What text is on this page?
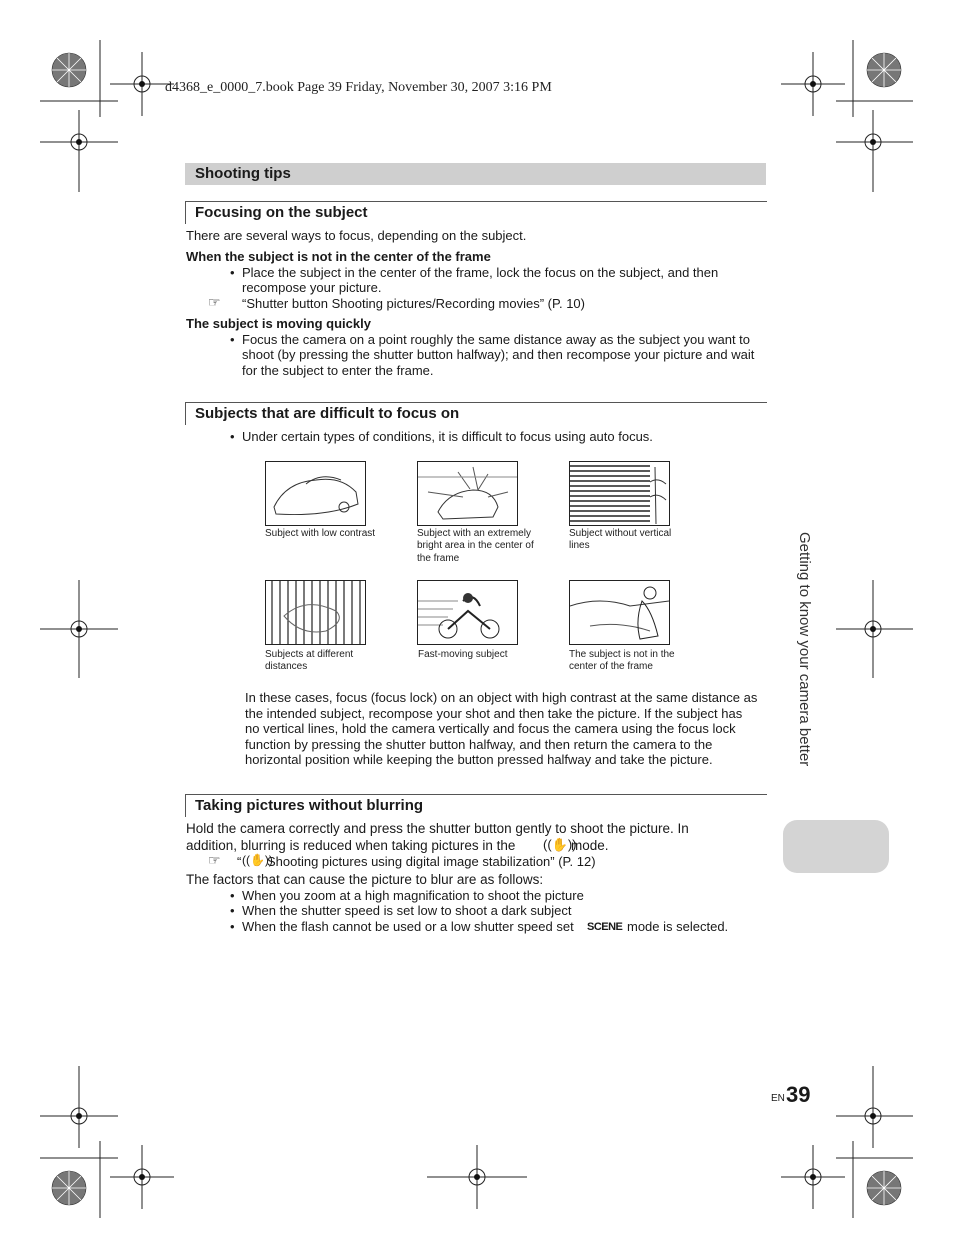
d4368_e_0000_7.book Page 39 Friday, November 30, 2007 3:16 PM
Shooting tips
Focusing on the subject
There are several ways to focus, depending on the subject.
When the subject is not in the center of the frame
• Place the subject in the center of the frame, lock the focus on the subject, and then
recompose your picture.
☞ “Shutter button Shooting pictures/Recording movies” (P. 10)
The subject is moving quickly
• Focus the camera on a point roughly the same distance away as the subject you want to
shoot (by pressing the shutter button halfway); and then recompose your picture and wait
for the subject to enter the frame.
Subjects that are difficult to focus on
• Under certain types of conditions, it is difficult to focus using auto focus.
Subject with low contrast	Subject with an extremely
bright area in the center of
the frame
Subject without vertical
lines
Subjects at different
distances
Fast-moving subject	The subject is not in the
center of the frame
In these cases, focus (focus lock) on an object with high contrast at the same distance as
the intended subject, recompose your shot and then take the picture. If the subject has
no vertical lines, hold the camera vertically and focus the camera using the focus lock
function by pressing the shutter button halfway, and then return the camera to the
horizontal position while keeping the button pressed halfway and take the picture.
Taking pictures without blurring
Hold the camera correctly and press the shutter button gently to shoot the picture. In
addition, blurring is reduced when taking pictures in the ((✋))
mode.
☞ “ ((✋))
Shooting pictures using digital image stabilization” (P. 12)
The factors that can cause the picture to blur are as follows:
• When you zoom at a high magnification to shoot the picture
• When the shutter speed is set low to shoot a dark subject
• When the flash cannot be used or a low shutter speed set SCENE mode is selected.
Getting to know your camera better
EN 39
